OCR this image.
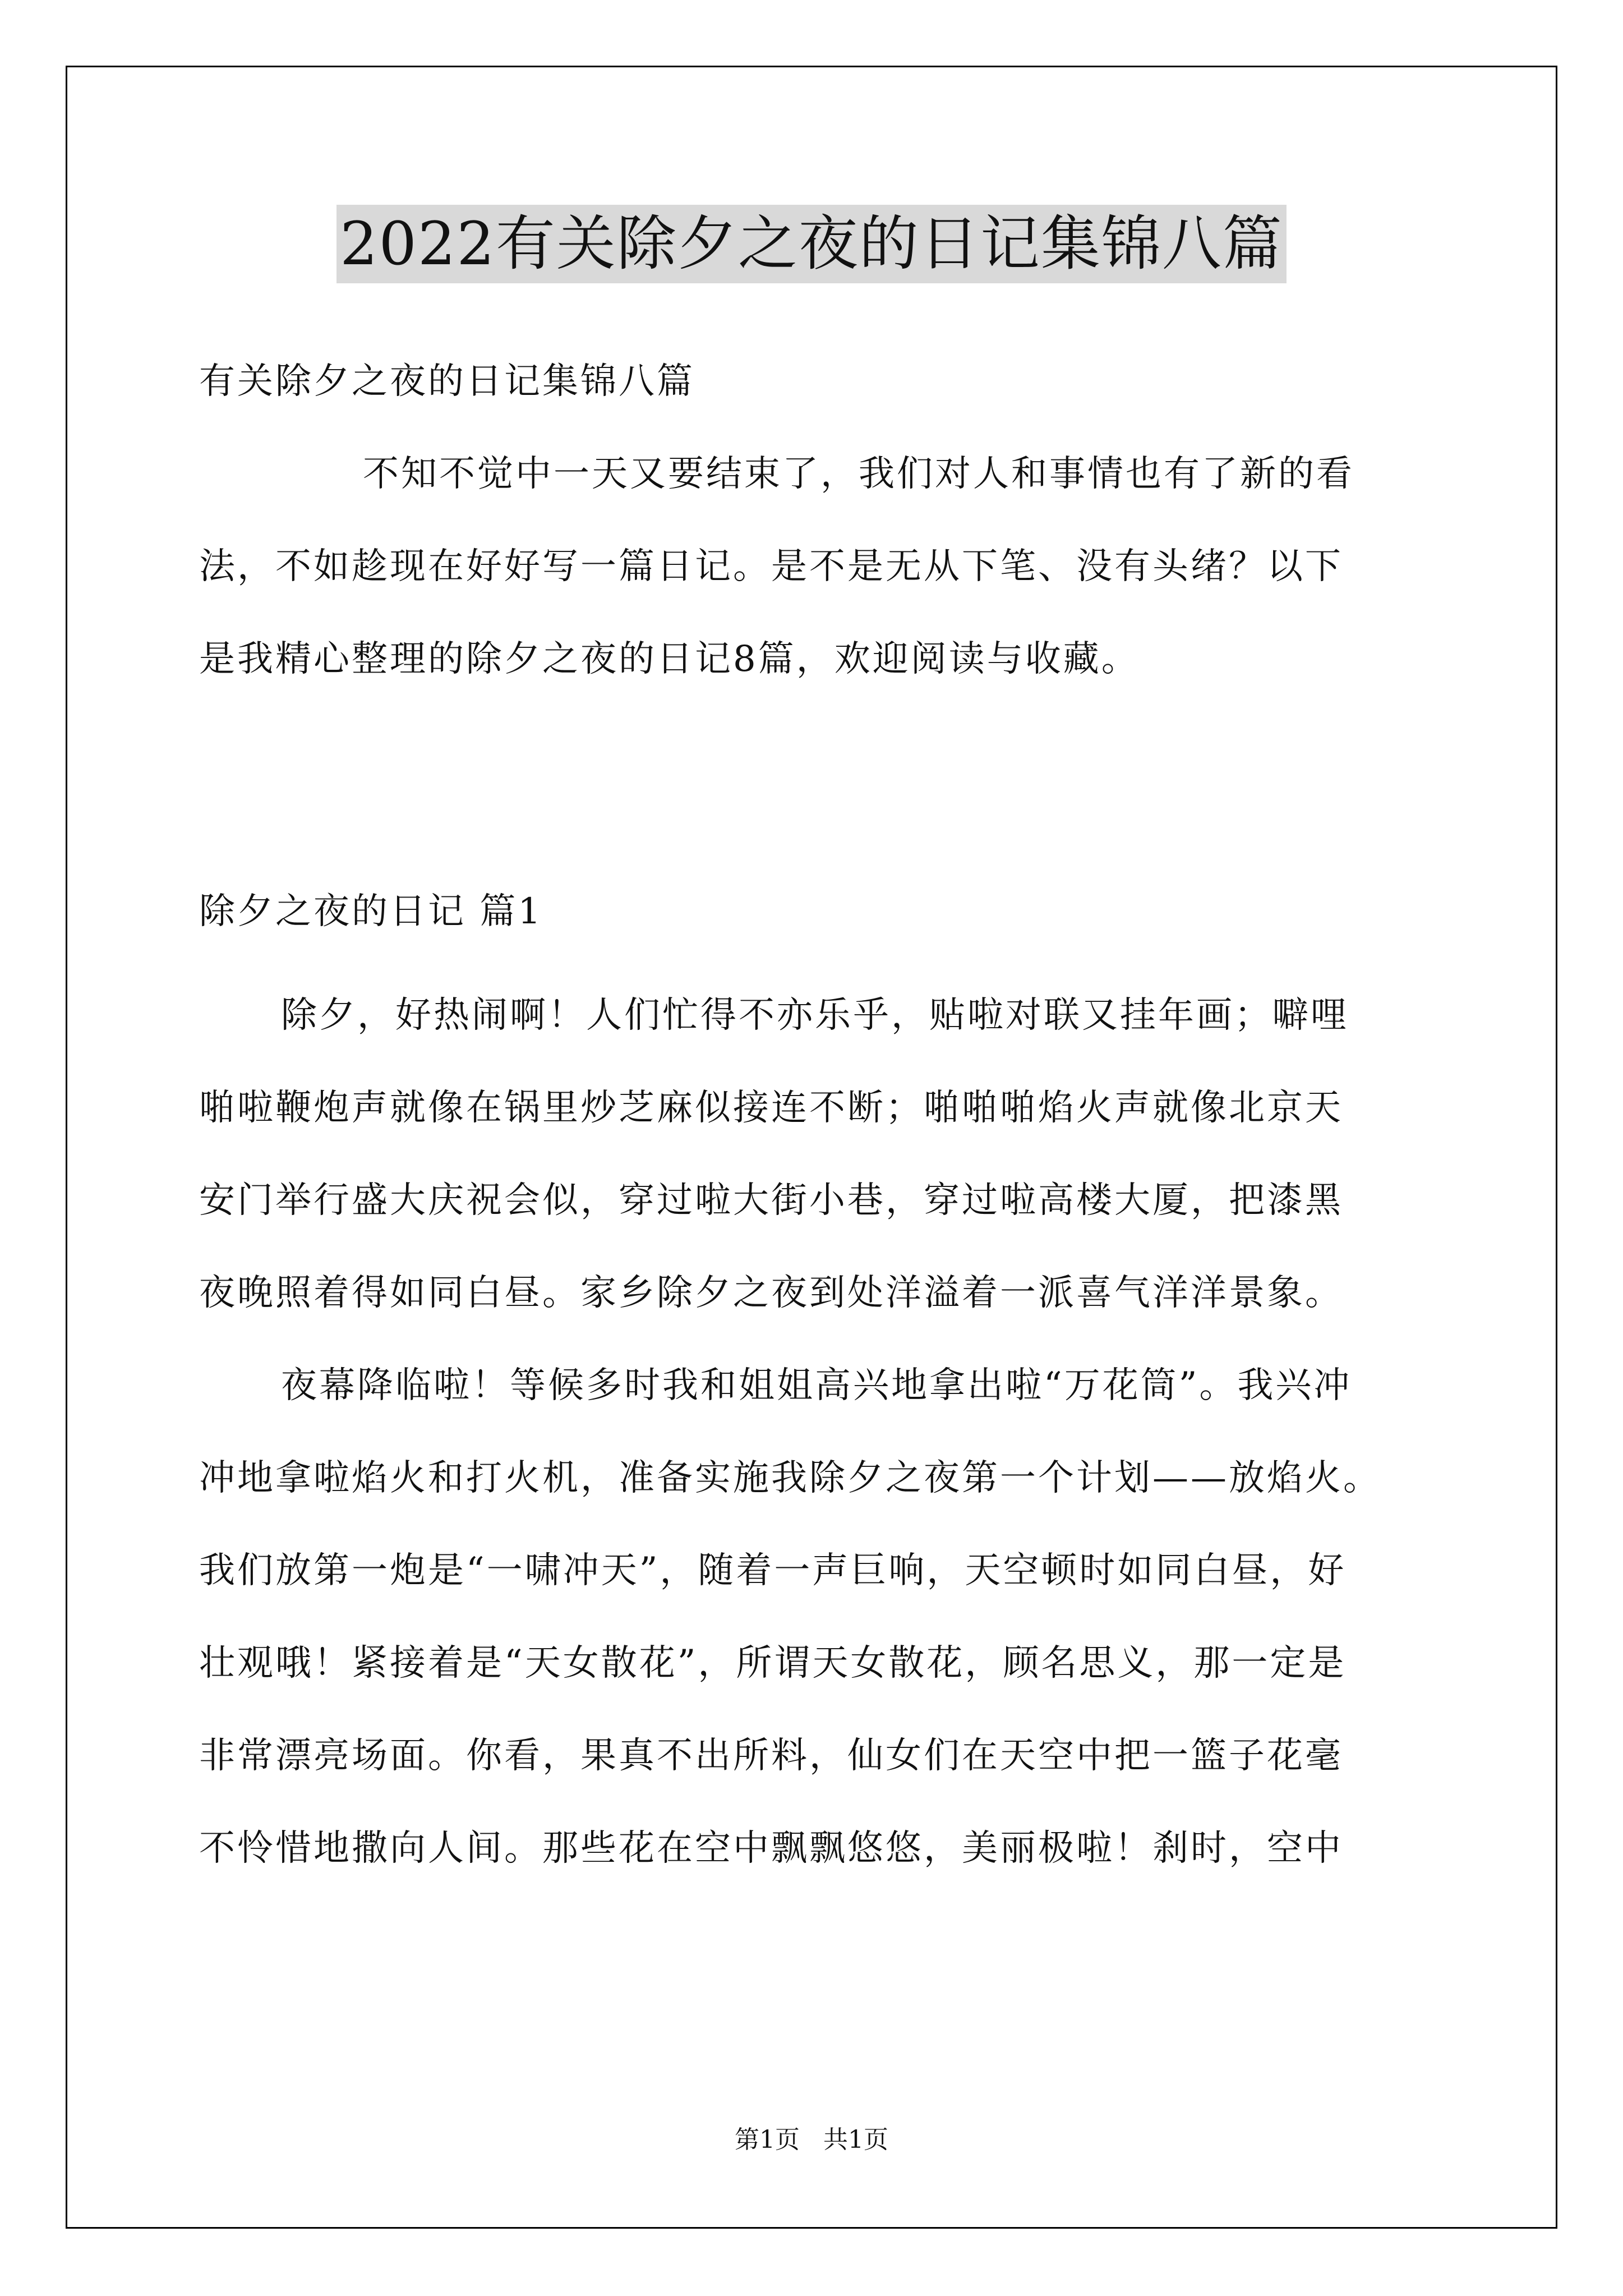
2022有关除夕之夜的日记集锦八篇
有关除夕之夜的日记集锦八篇
不知不觉中一天又要结束了，我们对人和事情也有了新的看
法，不如趁现在好好写一篇日记。是不是无从下笔、没有头绪？以下
是我精心整理的除夕之夜的日记8篇，欢迎阅读与收藏。
除夕之夜的日记 篇1
除夕，好热闹啊！人们忙得不亦乐乎，贴啦对联又挂年画；噼哩
啪啦鞭炮声就像在锅里炒芝麻似接连不断；啪啪啪焰火声就像北京天
安门举行盛大庆祝会似，穿过啦大街小巷，穿过啦高楼大厦，把漆黑
夜晚照着得如同白昼。家乡除夕之夜到处洋溢着一派喜气洋洋景象。
夜幕降临啦！等候多时我和姐姐高兴地拿出啦“万花筒”。我兴冲
冲地拿啦焰火和打火机，准备实施我除夕之夜第一个计划——放焰火。
我们放第一炮是“一啸冲天”，随着一声巨响，天空顿时如同白昼，好
壮观哦！紧接着是“天女散花”，所谓天女散花，顾名思义，那一定是
非常漂亮场面。你看，果真不出所料，仙女们在天空中把一篮子花毫
不怜惜地撒向人间。那些花在空中飘飘悠悠，美丽极啦！刹时，空中
第1页 共1页
